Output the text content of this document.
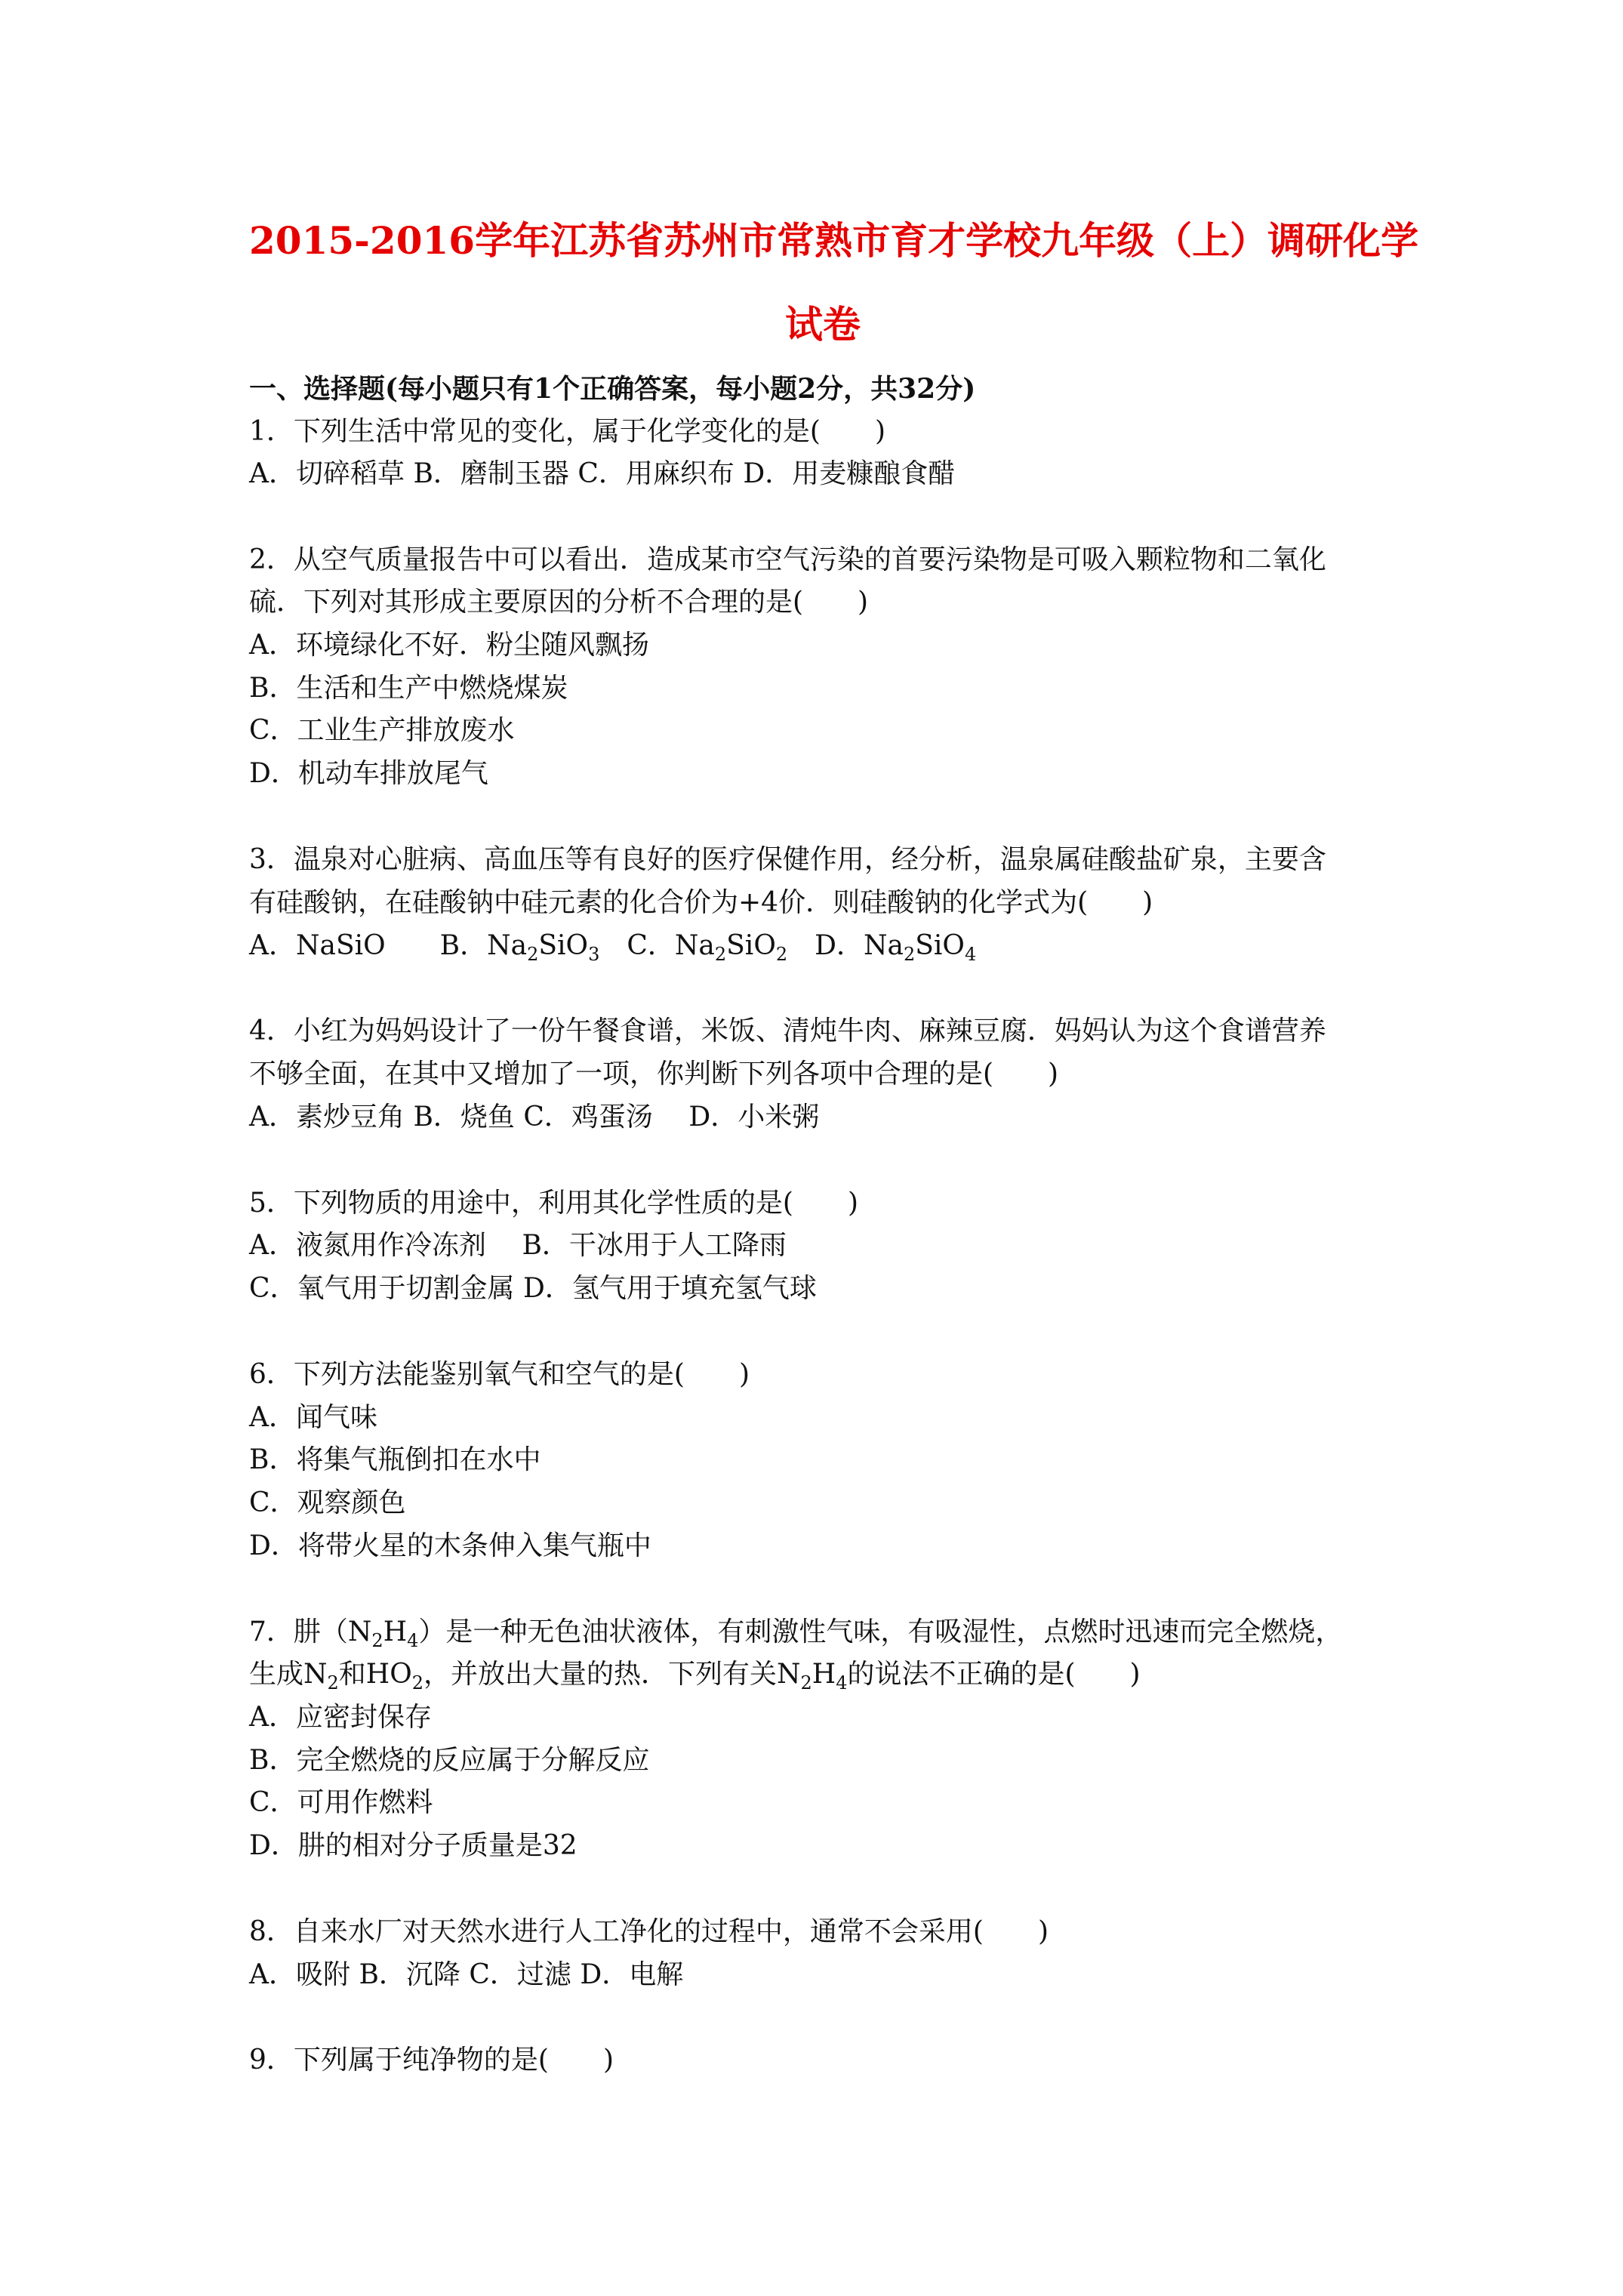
2015-2016学年江苏省苏州市常熟市育才学校九年级（上）调研化学
试卷
一、选择题(每小题只有1个正确答案，每小题2分，共32分)
1．下列生活中常见的变化，属于化学变化的是(　　)
A．切碎稻草 B．磨制玉器 C．用麻织布 D．用麦糠酿食醋
2．从空气质量报告中可以看出．造成某市空气污染的首要污染物是可吸入颗粒物和二氧化
硫．下列对其形成主要原因的分析不合理的是(　　)
A．环境绿化不好．粉尘随风飘扬
B．生活和生产中燃烧煤炭
C．工业生产排放废水
D．机动车排放尾气
3．温泉对心脏病、高血压等有良好的医疗保健作用，经分析，温泉属硅酸盐矿泉，主要含
有硅酸钠，在硅酸钠中硅元素的化合价为+4价．则硅酸钠的化学式为(　　)
A．NaSiO B．$Na_2SiO_3$ C．$Na_2SiO_2$ D．$Na_2SiO_4$
4．小红为妈妈设计了一份午餐食谱，米饭、清炖牛肉、麻辣豆腐．妈妈认为这个食谱营养
不够全面，在其中又增加了一项，你判断下列各项中合理的是(　　)
A．素炒豆角 B．烧鱼 C．鸡蛋汤　 D．小米粥
5．下列物质的用途中，利用其化学性质的是(　　)
A．液氮用作冷冻剂　 B．干冰用于人工降雨
C．氧气用于切割金属 D．氢气用于填充氢气球
6．下列方法能鉴别氧气和空气的是(　　)
A．闻气味
B．将集气瓶倒扣在水中
C．观察颜色
D．将带火星的木条伸入集气瓶中
7．肼$(N_2H_4)$是一种无色油状液体，有刺激性气味，有吸湿性，点燃时迅速而完全燃烧，
生成$N_2$和$HO_2$，并放出大量的热．下列有关$N_2H_4$的说法不正确的是(　　)
A．应密封保存
B．完全燃烧的反应属于分解反应
C．可用作燃料
D．肼的相对分子质量是32
8．自来水厂对天然水进行人工净化的过程中，通常不会采用(　　)
A．吸附 B．沉降 C．过滤 D．电解
9．下列属于纯净物的是(　　)
